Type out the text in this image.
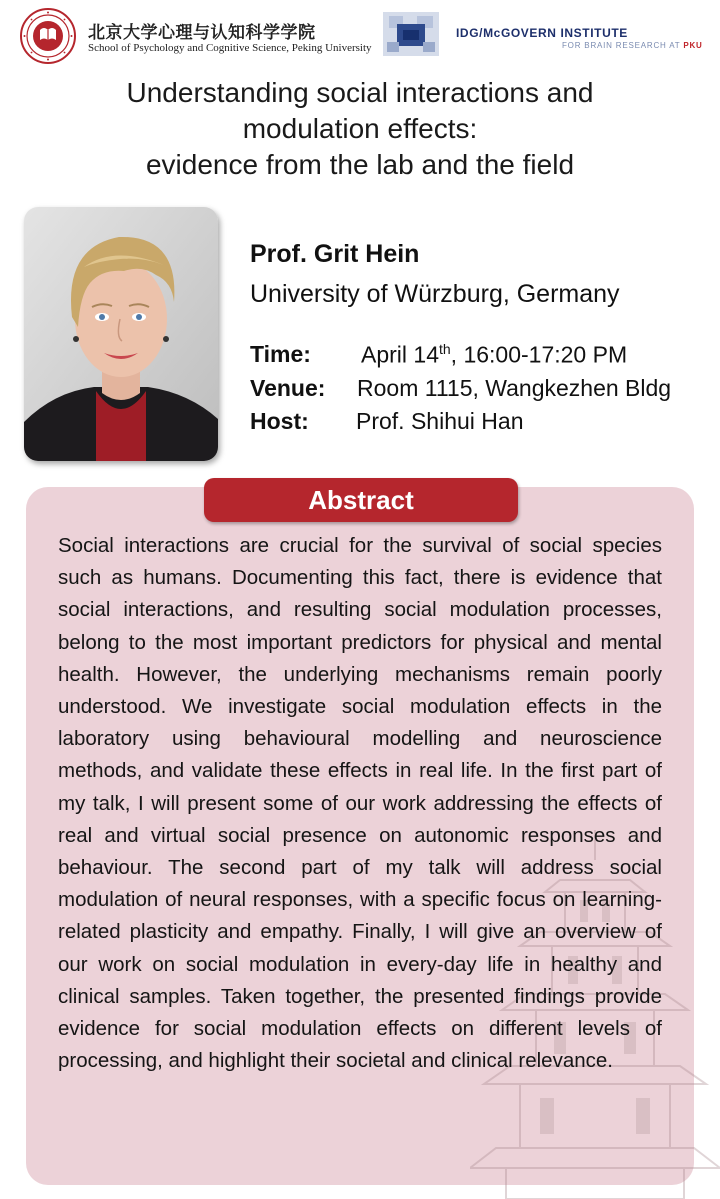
北京大学心理与认知科学学院
School of Psychology and Cognitive Science, Peking University
IDG/McGOVERN INSTITUTE
FOR BRAIN RESEARCH AT PKU
Understanding social interactions and
modulation effects:
evidence from the lab and the field
Prof. Grit Hein
University of Würzburg, Germany
Time: April 14th, 16:00-17:20 PM
Venue: Room 1115, Wangkezhen Bldg
Host: Prof. Shihui Han
Abstract
Social interactions are crucial for the survival of social species such as humans. Documenting this fact, there is evidence that social interactions, and resulting social modulation processes, belong to the most important predictors for physical and mental health. However, the underlying mechanisms remain poorly understood. We investigate social modulation effects in the laboratory using behavioural modelling and neuroscience methods, and validate these effects in real life. In the first part of my talk, I will present some of our work addressing the effects of real and virtual social presence on autonomic responses and behaviour. The second part of my talk will address social modulation of neural responses, with a specific focus on learning-related plasticity and empathy. Finally, I will give an overview of our work on social modulation in every-day life in healthy and clinical samples. Taken together, the presented findings provide evidence for social modulation effects on different levels of processing, and highlight their societal and clinical relevance.
